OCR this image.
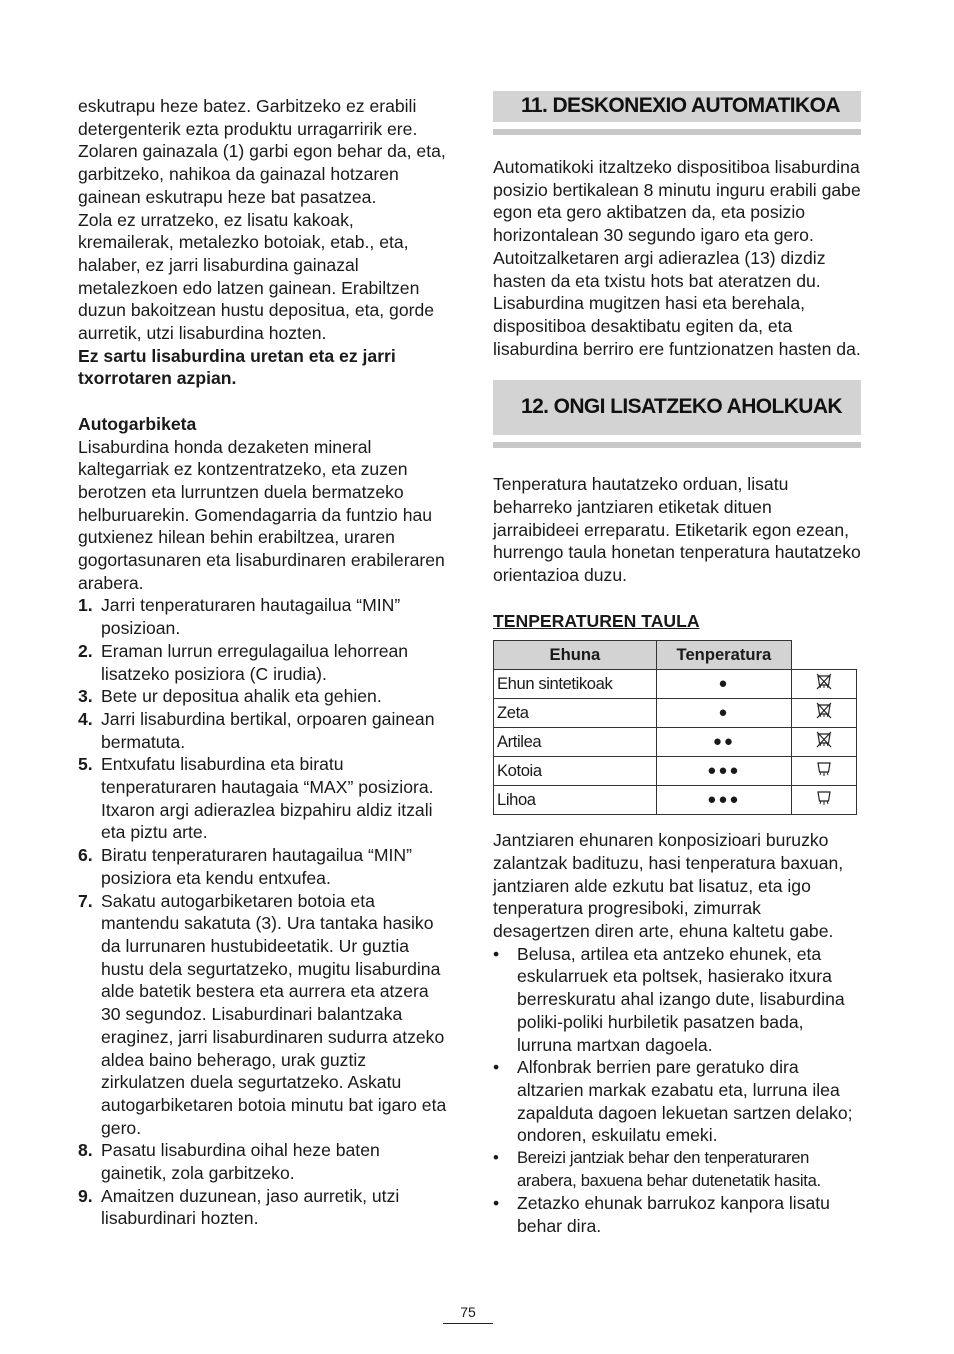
eskutrapu heze batez. Garbitzeko ez erabili detergenterik ezta produktu urragarririk ere.

Zolaren gainazala (1) garbi egon behar da, eta, garbitzeko, nahikoa da gainazal hotzaren gainean eskutrapu heze bat pasatzea.

Zola ez urratzeko, ez lisatu kakoak, kremailerak, metalezko botoiak, etab., eta, halaber, ez jarri lisaburdina gainazal metalezkoen edo latzen gainean. Erabiltzen duzun bakoitzean hustu depositua, eta, gorde aurretik, utzi lisaburdina hozten.

Ez sartu lisaburdina uretan eta ez jarri txorrotaren azpian.

Autogarbiketa

Lisaburdina honda dezaketen mineral kaltegarriak ez kontzentratzeko, eta zuzen berotzen eta lurruntzen duela bermatzeko helburuarekin. Gomendagarria da funtzio hau gutxienez hilean behin erabiltzea, uraren gogortasunaren eta lisaburdinaren erabileraren arabera.

1. Jarri tenperaturaren hautagailua “MIN” posizioan.
2. Eraman lurrun erregulagailua lehorrean lisatzeko posiziora (C irudia).
3. Bete ur depositua ahalik eta gehien.
4. Jarri lisaburdina bertikal, orpoaren gainean bermatuta.
5. Entxufatu lisaburdina eta biratu tenperaturaren hautagaia “MAX” posiziora. Itxaron argi adierazlea bizpahiru aldiz itzali eta piztu arte.
6. Biratu tenperaturaren hautagailua “MIN” posiziora eta kendu entxufea.
7. Sakatu autogarbiketaren botoia eta mantendu sakatuta (3). Ura tantaka hasiko da lurrunaren hustubideetatik. Ur guztia hustu dela segurtatzeko, mugitu lisaburdina alde batetik bestera eta aurrera eta atzera 30 segundoz. Lisaburdinari balantzaka eraginez, jarri lisaburdinaren sudurra atzeko aldea baino beherago, urak guztiz zirkulatzen duela segurtatzeko. Askatu autogarbiketaren botoia minutu bat igaro eta gero.
8. Pasatu lisaburdina oihal heze baten gainetik, zola garbitzeko.
9. Amaitzen duzunean, jaso aurretik, utzi lisaburdinari hozten.
11. DESKONEXIO AUTOMATIKOA

Automatikoki itzaltzeko dispositiboa lisaburdina posizio bertikalean 8 minutu inguru erabili gabe egon eta gero aktibatzen da, eta posizio horizontalean 30 segundo igaro eta gero. Autoitzalketaren argi adierazlea (13) dizdiz hasten da eta txistu hots bat ateratzen du. Lisaburdina mugitzen hasi eta berehala, dispositiboa desaktibatu egiten da, eta lisaburdina berriro ere funtzionatzen hasten da.

12. ONGI LISATZEKO AHOLKUAK

Tenperatura hautatzeko orduan, lisatu beharreko jantziaren etiketak dituen jarraibideei erreparatu. Etiketarik egon ezean, hurrengo taula honetan tenperatura hautatzeko orientazioa duzu.

TENPERATUREN TAULA

Ehuna	Tenperatura	
Ehun sintetikoak	●	
Zeta	●	
Artilea	●●	
Kotoia	●●●	
Lihoa	●●●	

Jantziaren ehunaren konposizioari buruzko zalantzak badituzu, hasi tenperatura baxuan, jantziaren alde ezkutu bat lisatuz, eta igo tenperatura progresiboki, zimurrak desagertzen diren arte, ehuna kaltetu gabe.

• Belusa, artilea eta antzeko ehunek, eta eskularruek eta poltsek, hasierako itxura berreskuratu ahal izango dute, lisaburdina poliki-poliki hurbiletik pasatzen bada, lurruna martxan dagoela.
• Alfonbrak berrien pare geratuko dira altzarien markak ezabatu eta, lurruna ilea zapalduta dagoen lekuetan sartzen delako; ondoren, eskuilatu emeki.
• Bereizi jantziak behar den tenperaturaren arabera, baxuena behar dutenetatik hasita.
• Zetazko ehunak barrukoz kanpora lisatu behar dira.
75
